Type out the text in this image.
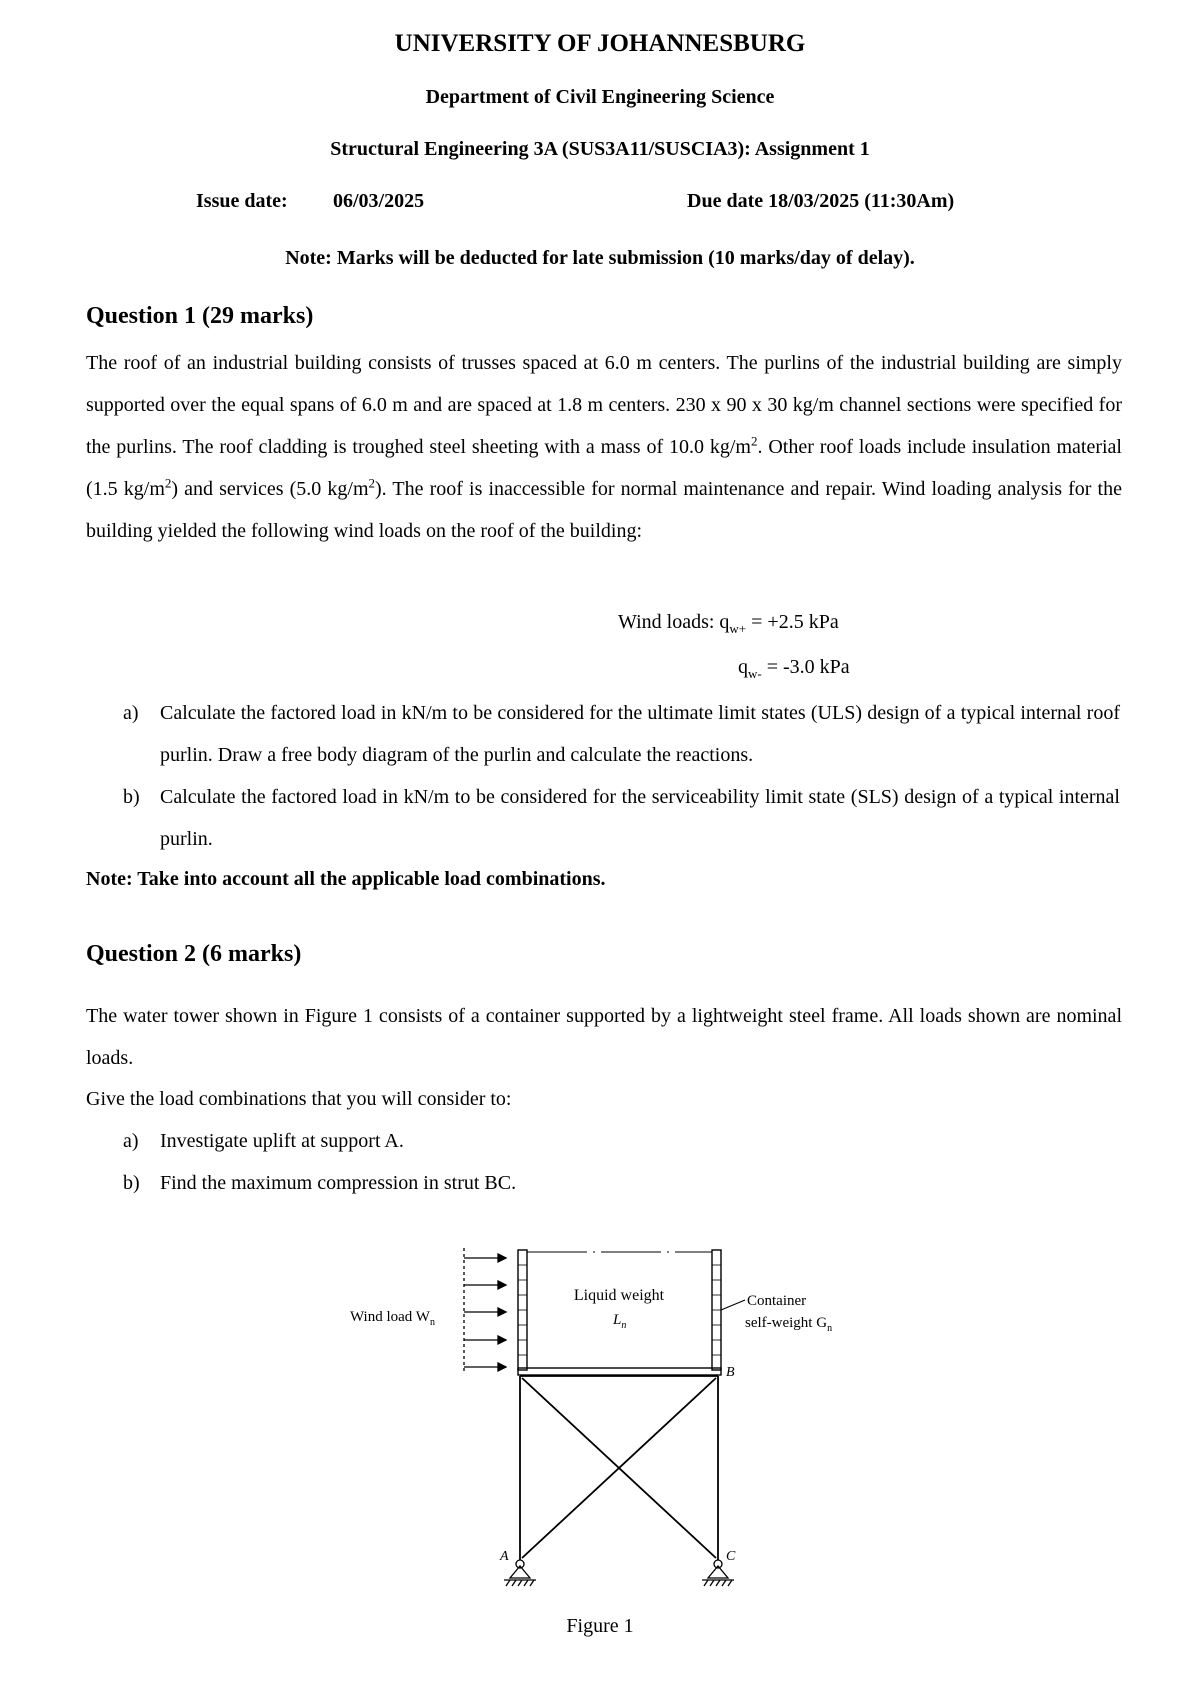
UNIVERSITY OF JOHANNESBURG
Department of Civil Engineering Science
Structural Engineering 3A (SUS3A11/SUSCIA3): Assignment 1
Issue date: 06/03/2025	Due date 18/03/2025 (11:30Am)
Note: Marks will be deducted for late submission (10 marks/day of delay).
Question 1 (29 marks)

The roof of an industrial building consists of trusses spaced at 6.0 m centers. The purlins of the industrial building are simply supported over the equal spans of 6.0 m and are spaced at 1.8 m centers. 230 x 90 x 30 kg/m channel sections were specified for the purlins. The roof cladding is troughed steel sheeting with a mass of 10.0 $kg/m^2$. Other roof loads include insulation material (1.5 $kg/m^2$) and services (5.0 $kg/m^2$). The roof is inaccessible for normal maintenance and repair. Wind loading analysis for the building yielded the following wind loads on the roof of the building:

Wind loads: $q_{w+} = +2.5$ kPa
$q_{w-} = -3.0$ kPa
a) Calculate the factored load in kN/m to be considered for the ultimate limit states (ULS) design of a typical internal roof purlin. Draw a free body diagram of the purlin and calculate the reactions.
b) Calculate the factored load in kN/m to be considered for the serviceability limit state (SLS) design of a typical internal purlin.
Note: Take into account all the applicable load combinations.
Question 2 (6 marks)

The water tower shown in Figure 1 consists of a container supported by a lightweight steel frame. All loads shown are nominal loads.

Give the load combinations that you will consider to:
a) Investigate uplift at support A.
b) Find the maximum compression in strut BC.
Wind load $W_n$
Liquid weight
$L_n$
Container
self-weight $G_n$
B
A	C
Figure 1
